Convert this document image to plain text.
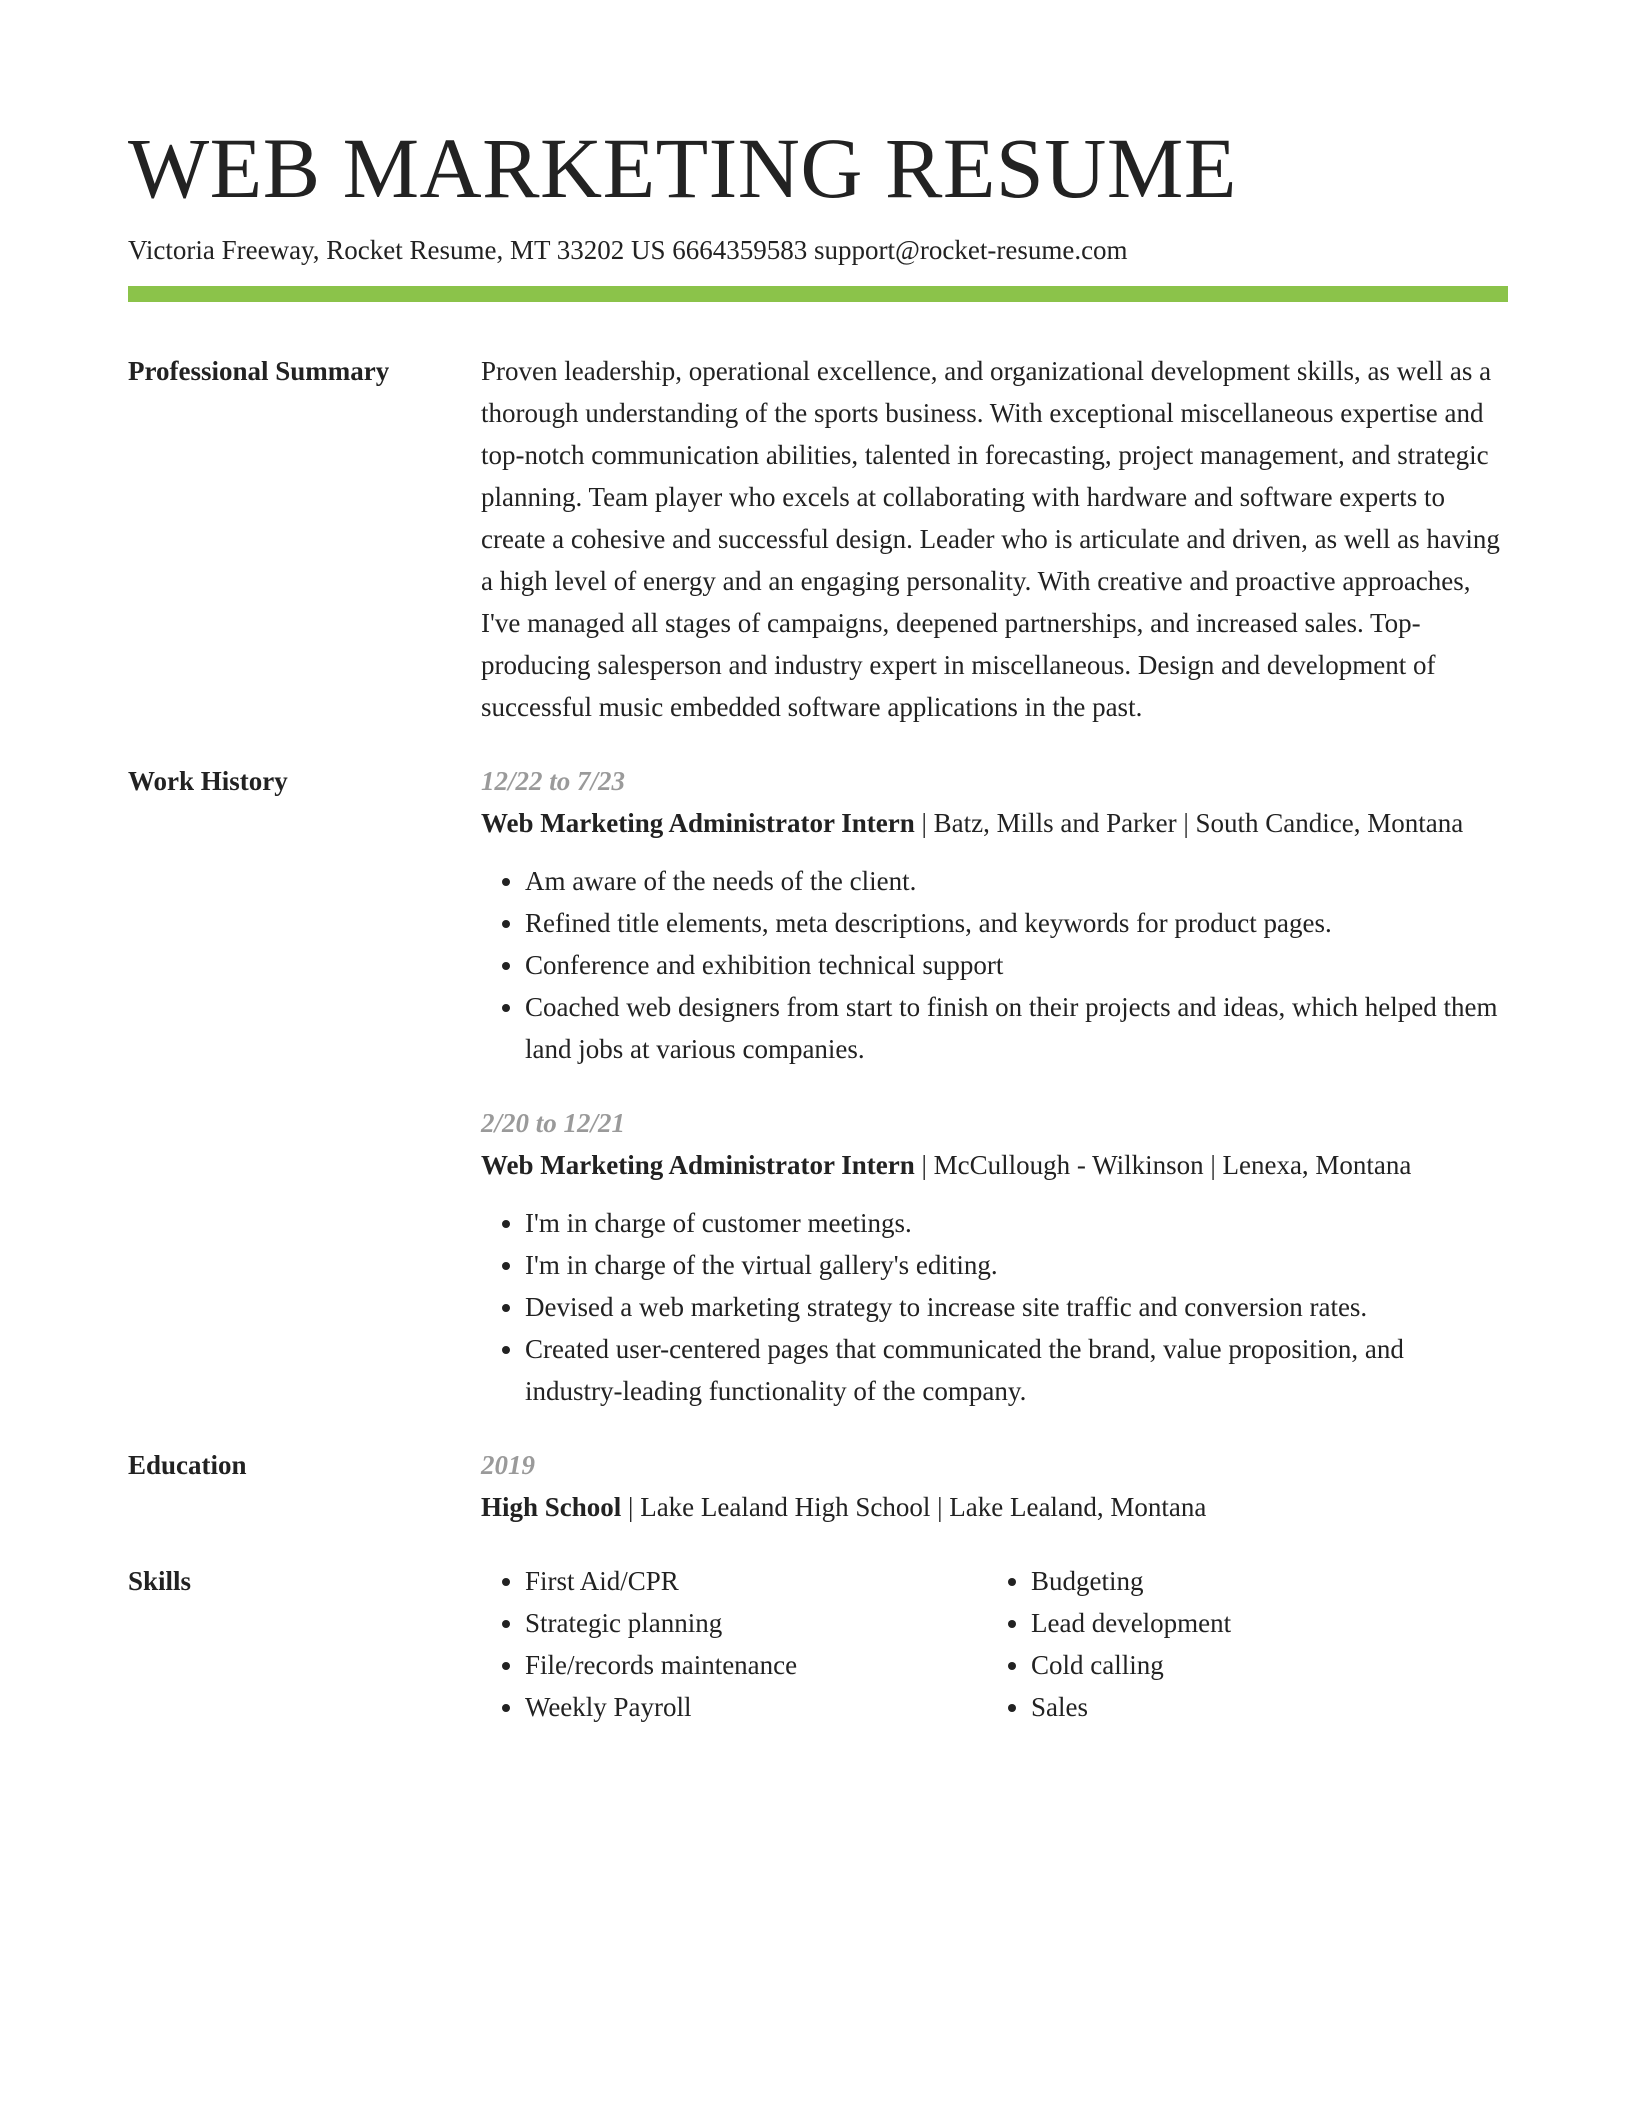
WEB MARKETING RESUME
Victoria Freeway, Rocket Resume, MT 33202 US 6664359583 support@rocket-resume.com
Professional Summary	Proven leadership, operational excellence, and organizational development skills, as well as a thorough understanding of the sports business. With exceptional miscellaneous expertise and top-notch communication abilities, talented in forecasting, project management, and strategic planning. Team player who excels at collaborating with hardware and software experts to create a cohesive and successful design. Leader who is articulate and driven, as well as having a high level of energy and an engaging personality. With creative and proactive approaches, I've managed all stages of campaigns, deepened partnerships, and increased sales. Top-producing salesperson and industry expert in miscellaneous. Design and development of successful music embedded software applications in the past.
Work History	12/22 to 7/23
Web Marketing Administrator Intern | Batz, Mills and Parker | South Candice, Montana
• Am aware of the needs of the client.
• Refined title elements, meta descriptions, and keywords for product pages.
• Conference and exhibition technical support
• Coached web designers from start to finish on their projects and ideas, which helped them land jobs at various companies.
2/20 to 12/21
Web Marketing Administrator Intern | McCullough - Wilkinson | Lenexa, Montana
• I'm in charge of customer meetings.
• I'm in charge of the virtual gallery's editing.
• Devised a web marketing strategy to increase site traffic and conversion rates.
• Created user-centered pages that communicated the brand, value proposition, and industry-leading functionality of the company.
Education	2019
High School | Lake Lealand High School | Lake Lealand, Montana
Skills
•	First Aid/CPR
• Strategic planning
• File/records maintenance
• Weekly Payroll
• Budgeting
• Lead development
• Cold calling
• Sales
